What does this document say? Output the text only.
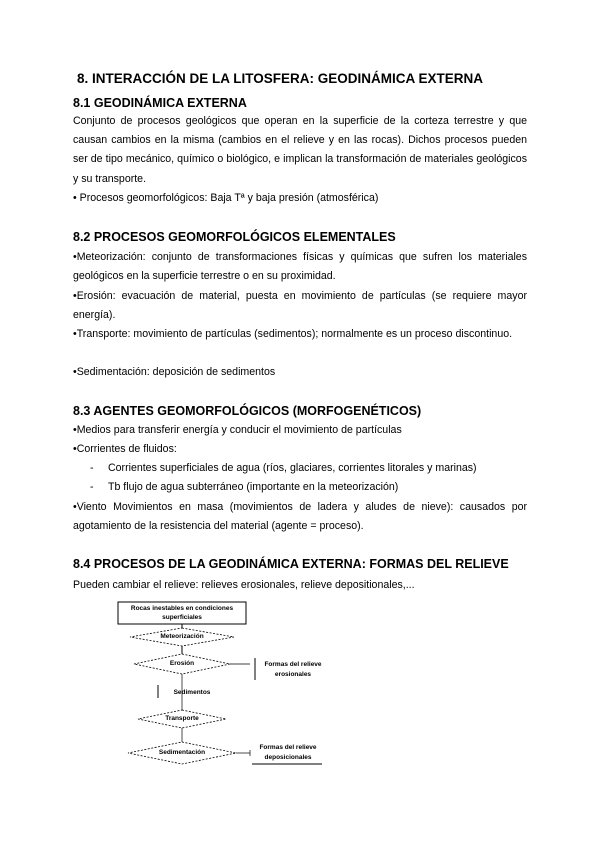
8. INTERACCIÓN DE LA LITOSFERA: GEODINÁMICA EXTERNA
8.1 GEODINÁMICA EXTERNA
Conjunto de procesos geológicos que operan en la superficie de la corteza terrestre y que causan cambios en la misma (cambios en el relieve y en las rocas). Dichos procesos pueden ser de tipo mecánico, químico o biológico, e implican la transformación de materiales geológicos y su transporte.
• Procesos geomorfológicos: Baja Tª y baja presión (atmosférica)
8.2 PROCESOS GEOMORFOLÓGICOS ELEMENTALES
•Meteorización: conjunto de transformaciones físicas y químicas que sufren los materiales geológicos en la superficie terrestre o en su proximidad.
•Erosión: evacuación de material, puesta en movimiento de partículas (se requiere mayor energía).
•Transporte: movimiento de partículas (sedimentos); normalmente es un proceso discontinuo.
•Sedimentación: deposición de sedimentos
8.3 AGENTES GEOMORFOLÓGICOS (MORFOGENÉTICOS)
•Medios para transferir energía y conducir el movimiento de partículas
•Corrientes de fluidos:
- Corrientes superficiales de agua (ríos, glaciares, corrientes litorales y marinas)
- Tb flujo de agua subterráneo (importante en la meteorización)
•Viento Movimientos en masa (movimientos de ladera y aludes de nieve): causados por agotamiento de la resistencia del material (agente = proceso).
8.4 PROCESOS DE LA GEODINÁMICA EXTERNA: FORMAS DEL RELIEVE
Pueden cambiar el relieve: relieves erosionales, relieve depositionales,...
Rocas inestables en condiciones
superficiales
Meteorización
Erosión
Sedimentos
Transporte
Sedimentación
Formas del relieve
erosionales
Formas del relieve
deposicionales
